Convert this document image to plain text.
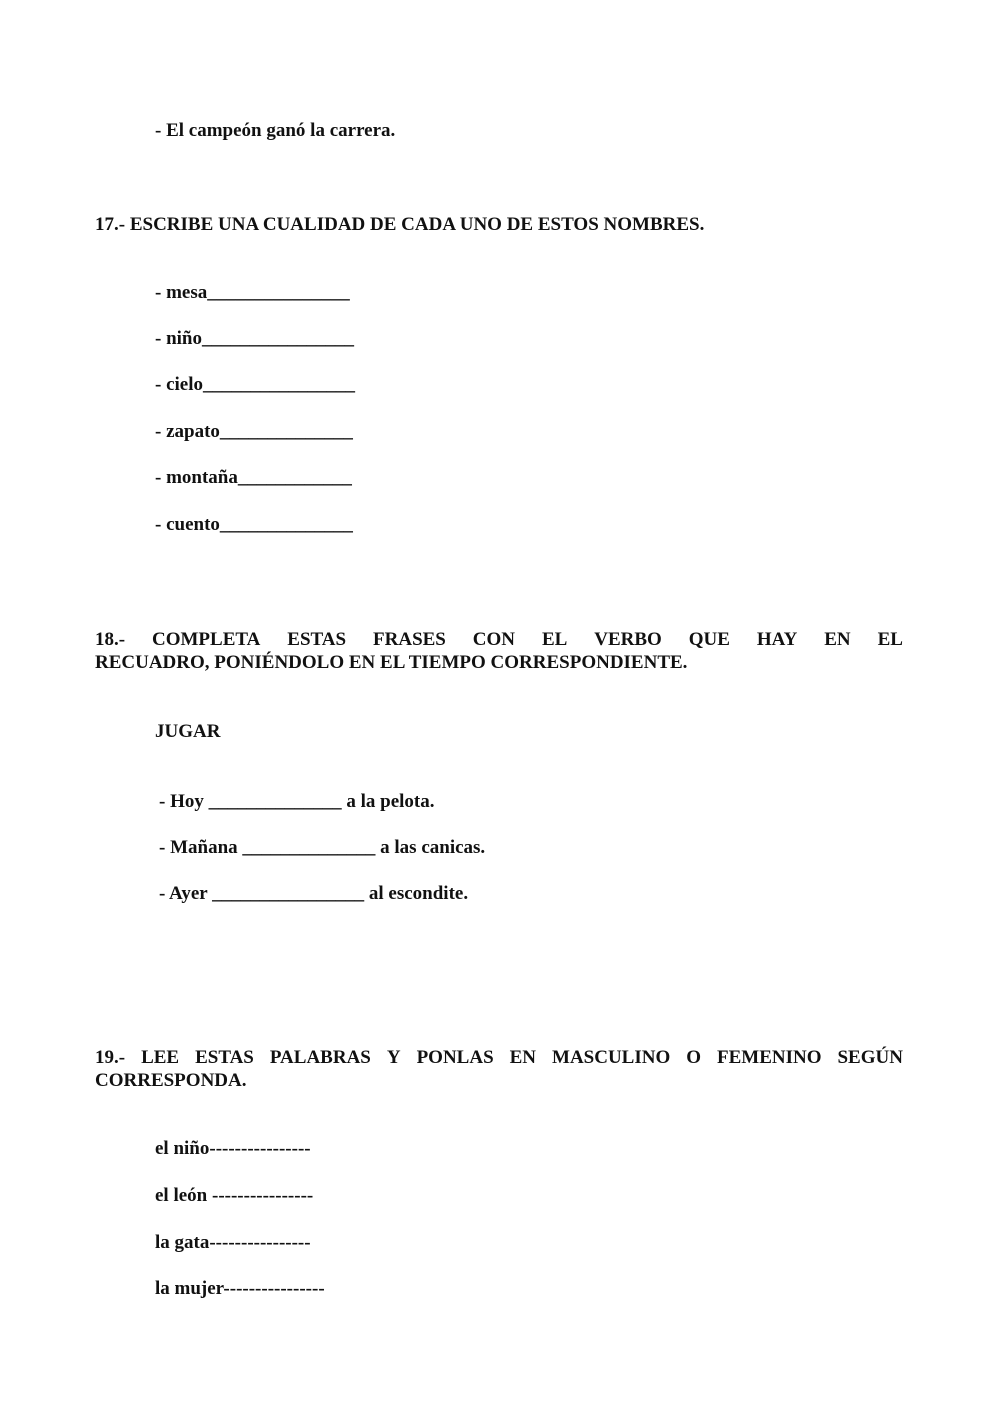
- El campeón ganó la carrera.
17.- ESCRIBE UNA CUALIDAD DE CADA UNO DE ESTOS NOMBRES.
- mesa_______________
- niño________________
- cielo________________
- zapato______________
- montaña____________
- cuento______________
18.- COMPLETA ESTAS FRASES CON EL VERBO QUE HAY EN EL
RECUADRO, PONIÉNDOLO EN EL TIEMPO CORRESPONDIENTE.
JUGAR
- Hoy ______________ a la pelota.
- Mañana ______________ a las canicas.
- Ayer ________________ al escondite.
19.- LEE ESTAS PALABRAS Y PONLAS EN MASCULINO O FEMENINO SEGÚN
CORRESPONDA.
el niño----------------
el león ----------------
la gata----------------
la mujer----------------
